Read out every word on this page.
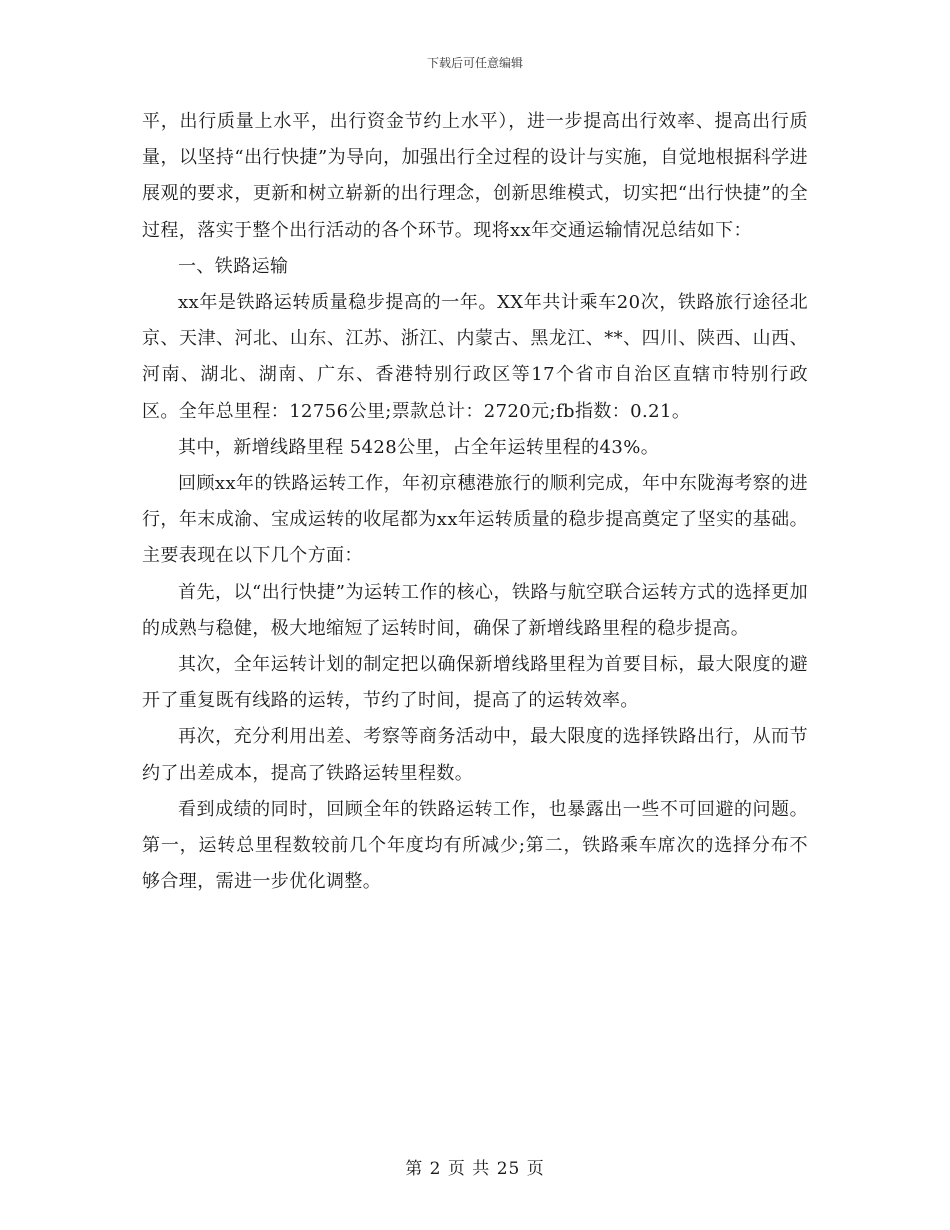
下载后可任意编辑

平，出行质量上水平，出行资金节约上水平），进一步提高出行效率、提高出行质量，以坚持“出行快捷”为导向，加强出行全过程的设计与实施，自觉地根据科学进展观的要求，更新和树立崭新的出行理念，创新思维模式，切实把“出行快捷”的全过程，落实于整个出行活动的各个环节。现将xx年交通运输情况总结如下：

一、铁路运输

xx年是铁路运转质量稳步提高的一年。XX年共计乘车20次，铁路旅行途径北京、天津、河北、山东、江苏、浙江、内蒙古、黑龙江、**、四川、陕西、山西、河南、湖北、湖南、广东、香港特别行政区等17个省市自治区直辖市特别行政区。全年总里程：12756公里;票款总计：2720元;fb指数：0.21。

其中，新增线路里程 5428公里，占全年运转里程的43%。

回顾xx年的铁路运转工作，年初京穗港旅行的顺利完成，年中东陇海考察的进行，年末成渝、宝成运转的收尾都为xx年运转质量的稳步提高奠定了坚实的基础。主要表现在以下几个方面：

首先，以“出行快捷”为运转工作的核心，铁路与航空联合运转方式的选择更加的成熟与稳健，极大地缩短了运转时间，确保了新增线路里程的稳步提高。

其次，全年运转计划的制定把以确保新增线路里程为首要目标，最大限度的避开了重复既有线路的运转，节约了时间，提高了的运转效率。

再次，充分利用出差、考察等商务活动中，最大限度的选择铁路出行，从而节约了出差成本，提高了铁路运转里程数。

看到成绩的同时，回顾全年的铁路运转工作，也暴露出一些不可回避的问题。第一，运转总里程数较前几个年度均有所减少;第二，铁路乘车席次的选择分布不够合理，需进一步优化调整。

第 2 页 共 25 页
